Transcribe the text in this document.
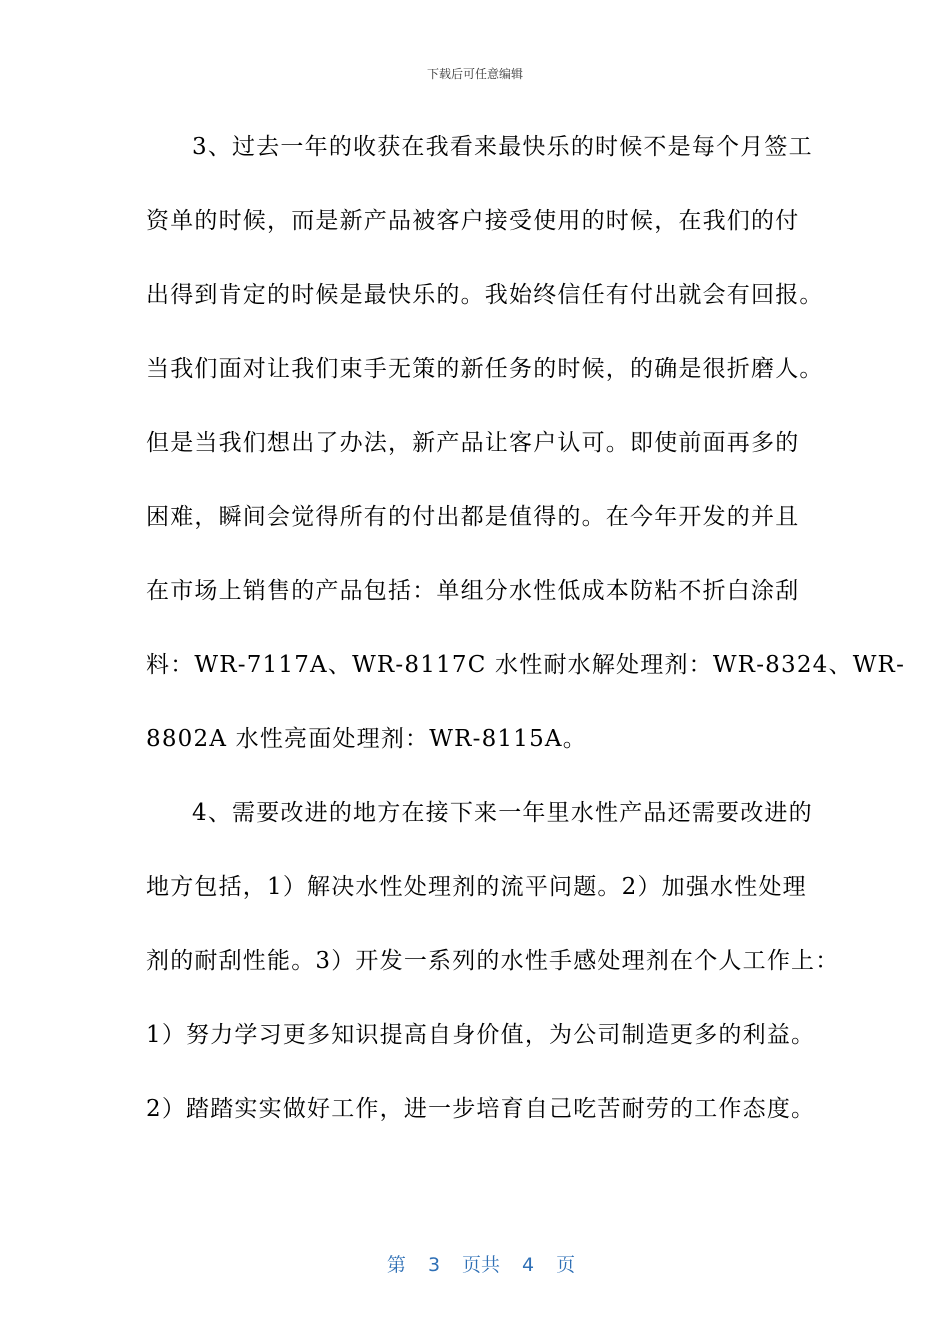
下载后可任意编辑
3、过去一年的收获在我看来最快乐的时候不是每个月签工
资单的时候，而是新产品被客户接受使用的时候，在我们的付
出得到肯定的时候是最快乐的。我始终信任有付出就会有回报。
当我们面对让我们束手无策的新任务的时候，的确是很折磨人。
但是当我们想出了办法，新产品让客户认可。即使前面再多的
困难，瞬间会觉得所有的付出都是值得的。在今年开发的并且
在市场上销售的产品包括：单组分水性低成本防粘不折白涂刮
料：WR-7117A、WR-8117C 水性耐水解处理剂：WR-8324、WR-
8802A 水性亮面处理剂：WR-8115A。
4、需要改进的地方在接下来一年里水性产品还需要改进的
地方包括，1）解决水性处理剂的流平问题。2）加强水性处理
剂的耐刮性能。3）开发一系列的水性手感处理剂在个人工作上：
1）努力学习更多知识提高自身价值，为公司制造更多的利益。
2）踏踏实实做好工作，进一步培育自己吃苦耐劳的工作态度。

第 3 页共 4 页
